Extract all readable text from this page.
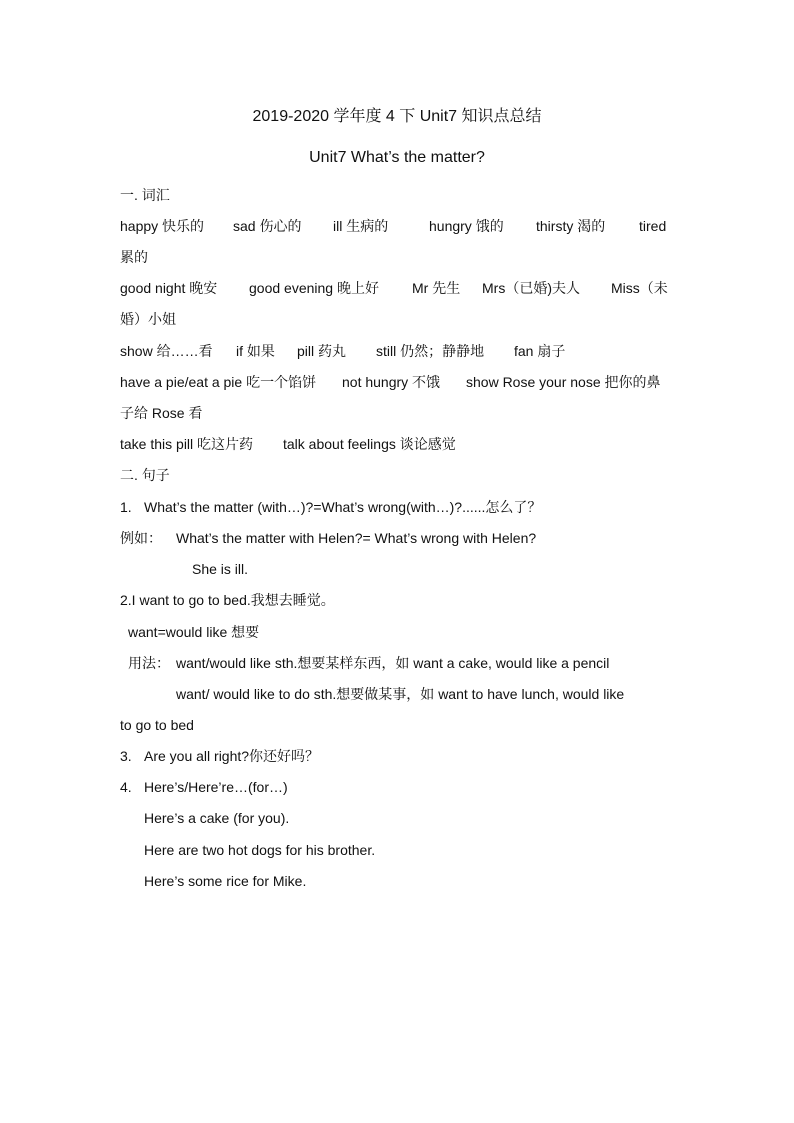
2019-2020 学年度 4 下 Unit7 知识点总结
Unit7 What’s the matter?
一. 词汇
happy 快乐的 sad 伤心的 ill 生病的	hungry 饿的 thirsty 渴的 tired
累的
good night 晚安 good evening 晚上好 Mr 先生 Mrs（已婚)夫人 Miss（未
婚）小姐
show 给……看 if 如果 pill 药丸 still 仍然；静静地 fan 扇子
have a pie/eat a pie 吃一个馅饼 not hungry 不饿 show Rose your nose 把你的鼻
子给 Rose 看
take this pill 吃这片药 talk about feelings 谈论感觉
二. 句子
1. What’s the matter (with…)?=What’s wrong(with…)?......怎么了？
例如： What’s the matter with Helen?= What’s wrong with Helen?
She is ill.
2.I want to go to bed.我想去睡觉。
want=would like 想要
用法： want/would like sth.想要某样东西，如 want a cake, would like a pencil
want/ would like to do sth.想要做某事，如 want to have lunch, would like
to go to bed
3. Are you all right?你还好吗？
4. Here’s/Here’re…(for…)
Here’s a cake (for you).
Here are two hot dogs for his brother.
Here’s some rice for Mike.
